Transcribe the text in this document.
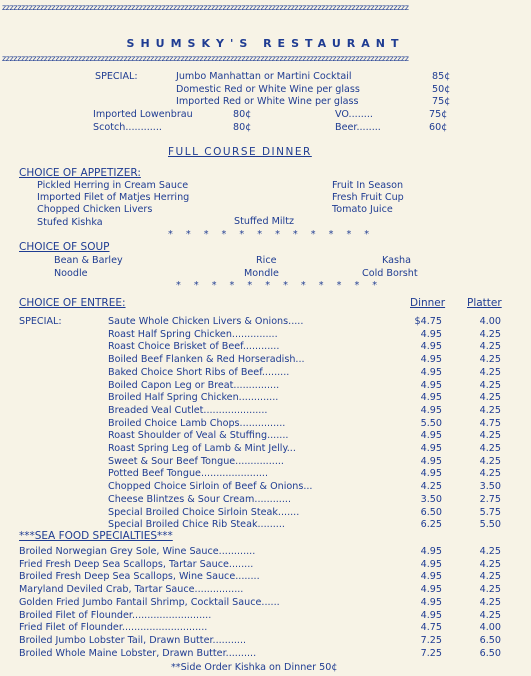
zzzzzzzzzzzzzzzzzzzzzzzzzzzzzzzzzzzzzzzzzzzzzzzzzzzzzzzzzzzzzzzzzzzzzzzzzzzzzzzzzzzzzzzzzzzzzzzzzzzzzzzzzzz
SHUMSKY'S RESTAURANT
zzzzzzzzzzzzzzzzzzzzzzzzzzzzzzzzzzzzzzzzzzzzzzzzzzzzzzzzzzzzzzzzzzzzzzzzzzzzzzzzzzzzzzzzzzzzzzzzzzzzzzzzzzz
SPECIAL:	Jumbo Manhattan or Martini Cocktail	85¢
Domestic Red or White Wine per glass	50¢
Imported Red or White Wine per glass	75¢
Imported Lowenbrau	80¢	VO........	75¢
Scotch............	80¢	Beer........	60¢
FULL COURSE DINNER
CHOICE OF APPETIZER:
Pickled Herring in Cream Sauce	Fruit In Season
Imported Filet of Matjes Herring	Fresh Fruit Cup
Chopped Chicken Livers	Tomato Juice
Stufed Kishka	Stuffed Miltz
* * * * * * * * * * * *
CHOICE OF SOUP
Bean & Barley	Rice	Kasha
Noodle	Mondle	Cold Borsht
* * * * * * * * * * * *
CHOICE OF ENTREE:	Dinner Platter
SPECIAL:	Saute Whole Chicken Livers & Onions.....	$4.75	4.00
Roast Half Spring Chicken...............	4.95	4.25
Roast Choice Brisket of Beef............	4.95	4.25
Boiled Beef Flanken & Red Horseradish...	4.95	4.25
Baked Choice Short Ribs of Beef.........	4.95	4.25
Boiled Capon Leg or Breat...............	4.95	4.25
Broiled Half Spring Chicken.............	4.95	4.25
Breaded Veal Cutlet.....................	4.95	4.25
Broiled Choice Lamb Chops...............	5.50	4.75
Roast Shoulder of Veal & Stuffing.......	4.95	4.25
Roast Spring Leg of Lamb & Mint Jelly...	4.95	4.25
Sweet & Sour Beef Tongue................	4.95	4.25
Potted Beef Tongue......................	4.95	4.25
Chopped Choice Sirloin of Beef & Onions...	4.25	3.50
Cheese Blintzes & Sour Cream............	3.50	2.75
Special Broiled Choice Sirloin Steak.......	6.50	5.75
Special Broiled Chice Rib Steak.........	6.25	5.50
***SEA FOOD SPECIALTIES***
Broiled Norwegian Grey Sole, Wine Sauce............	4.95	4.25
Fried Fresh Deep Sea Scallops, Tartar Sauce........	4.95	4.25
Broiled Fresh Deep Sea Scallops, Wine Sauce........	4.95	4.25
Maryland Deviled Crab, Tartar Sauce................	4.95	4.25
Golden Fried Jumbo Fantail Shrimp, Cocktail Sauce......	4.95	4.25
Broiled Filet of Flounder..........................	4.95	4.25
Fried Filet of Flounder............................	4.75	4.00
Broiled Jumbo Lobster Tail, Drawn Butter...........	7.25	6.50
Broiled Whole Maine Lobster, Drawn Butter..........	7.25	6.50
**Side Order Kishka on Dinner 50¢
